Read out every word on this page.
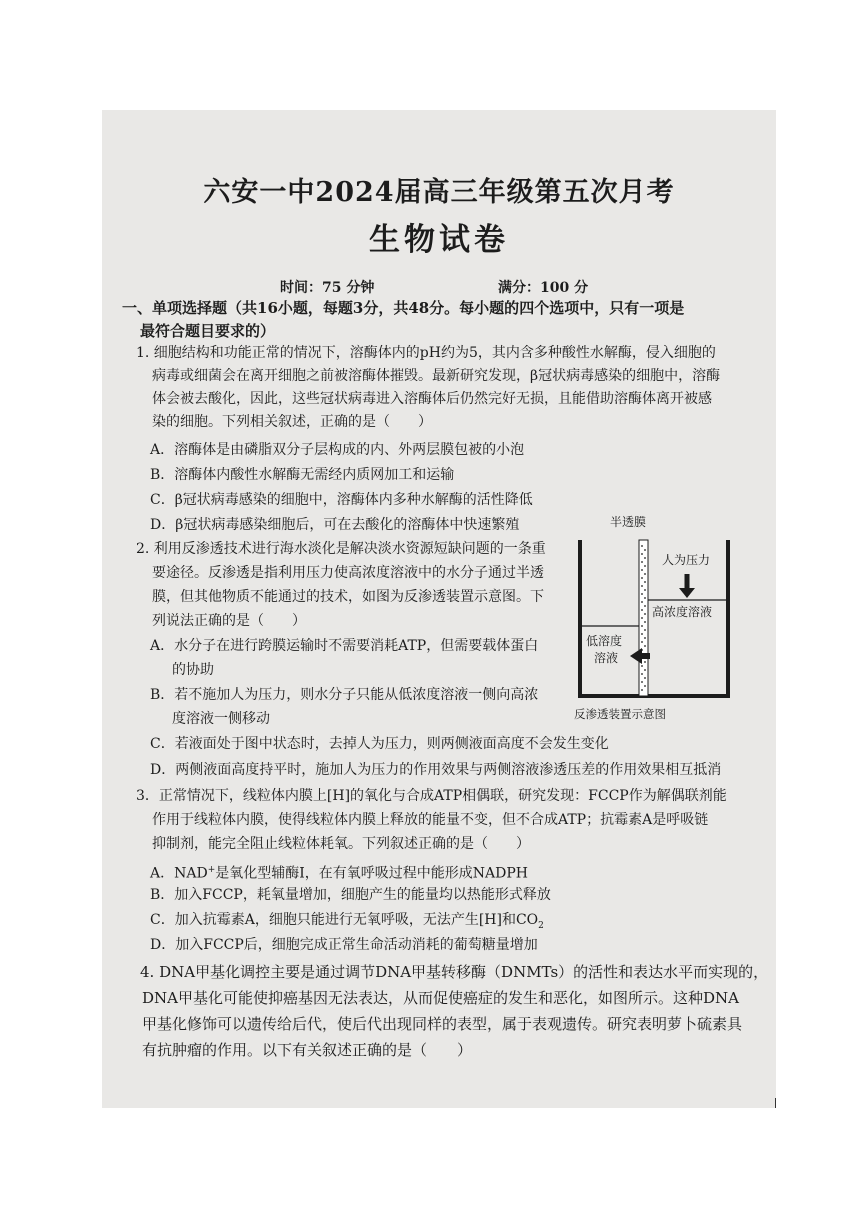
六安一中2024届高三年级第五次月考
生物试卷
时间：75 分钟	满分：100 分
一、单项选择题（共16小题，每题3分，共48分。每小题的四个选项中，只有一项是
最符合题目要求的）
1. 细胞结构和功能正常的情况下，溶酶体内的pH约为5，其内含多种酸性水解酶，侵入细胞的
病毒或细菌会在离开细胞之前被溶酶体摧毁。最新研究发现，β冠状病毒感染的细胞中，溶酶
体会被去酸化，因此，这些冠状病毒进入溶酶体后仍然完好无损，且能借助溶酶体离开被感
染的细胞。下列相关叙述，正确的是（　　）
A．溶酶体是由磷脂双分子层构成的内、外两层膜包被的小泡
B．溶酶体内酸性水解酶无需经内质网加工和运输
C．β冠状病毒感染的细胞中，溶酶体内多种水解酶的活性降低
D．β冠状病毒感染细胞后，可在去酸化的溶酶体中快速繁殖
2. 利用反渗透技术进行海水淡化是解决淡水资源短缺问题的一条重
要途径。反渗透是指利用压力使高浓度溶液中的水分子通过半透
膜，但其他物质不能通过的技术，如图为反渗透装置示意图。下
列说法正确的是（　　）
A．水分子在进行跨膜运输时不需要消耗ATP，但需要载体蛋白
的协助
B．若不施加人为压力，则水分子只能从低浓度溶液一侧向高浓
度溶液一侧移动
C．若液面处于图中状态时，去掉人为压力，则两侧液面高度不会发生变化
D．两侧液面高度持平时，施加人为压力的作用效果与两侧溶液渗透压差的作用效果相互抵消
半透膜
人为压力
高浓度溶液
低溶度
溶液
反渗透装置示意图
3．正常情况下，线粒体内膜上[H]的氧化与合成ATP相偶联，研究发现：FCCP作为解偶联剂能
作用于线粒体内膜，使得线粒体内膜上释放的能量不变，但不合成ATP；抗霉素A是呼吸链
抑制剂，能完全阻止线粒体耗氧。下列叙述正确的是（　　）
A．NAD+是氧化型辅酶I，在有氧呼吸过程中能形成NADPH
B．加入FCCP，耗氧量增加，细胞产生的能量均以热能形式释放
C．加入抗霉素A，细胞只能进行无氧呼吸，无法产生[H]和$CO_2$
D．加入FCCP后，细胞完成正常生命活动消耗的葡萄糖量增加
4. DNA甲基化调控主要是通过调节DNA甲基转移酶（DNMTs）的活性和表达水平而实现的，
DNA甲基化可能使抑癌基因无法表达，从而促使癌症的发生和恶化，如图所示。这种DNA
甲基化修饰可以遗传给后代，使后代出现同样的表型，属于表观遗传。研究表明萝卜硫素具
有抗肿瘤的作用。以下有关叙述正确的是（　　）
